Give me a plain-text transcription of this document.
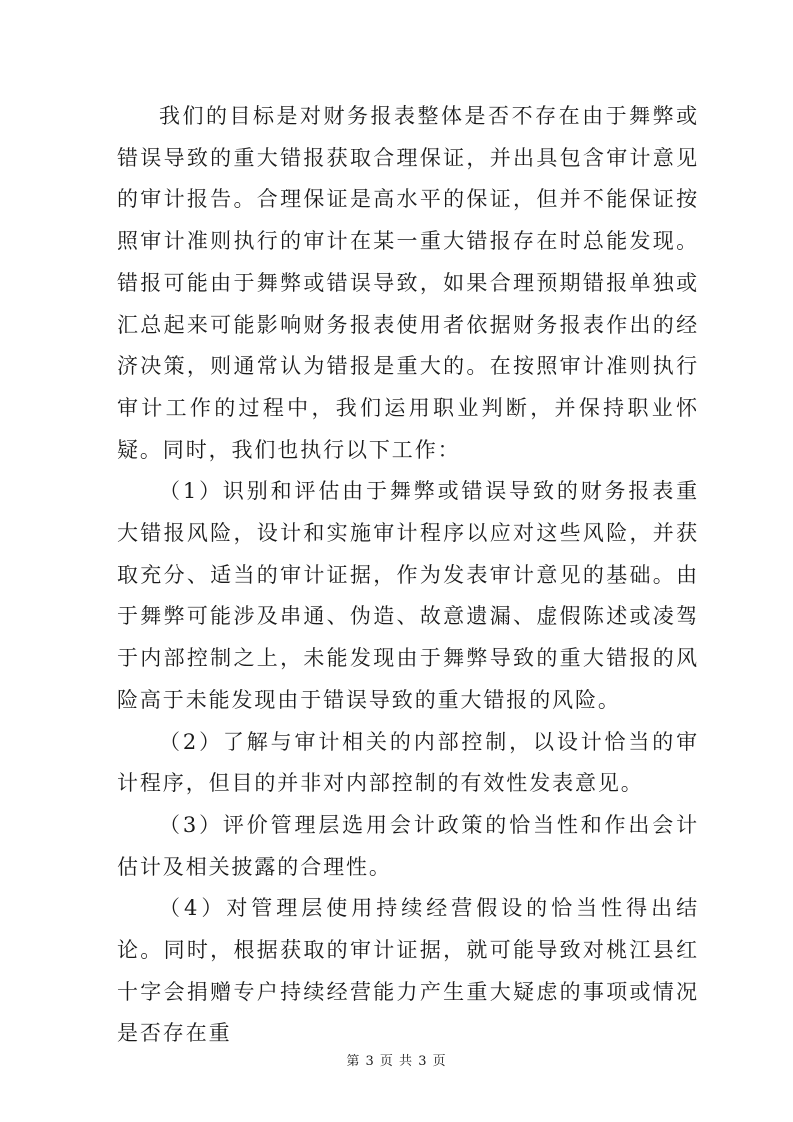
我们的目标是对财务报表整体是否不存在由于舞弊或错误导致的重大错报获取合理保证，并出具包含审计意见的审计报告。合理保证是高水平的保证，但并不能保证按照审计准则执行的审计在某一重大错报存在时总能发现。错报可能由于舞弊或错误导致，如果合理预期错报单独或汇总起来可能影响财务报表使用者依据财务报表作出的经济决策，则通常认为错报是重大的。在按照审计准则执行审计工作的过程中，我们运用职业判断，并保持职业怀疑。同时，我们也执行以下工作：

（1）识别和评估由于舞弊或错误导致的财务报表重大错报风险，设计和实施审计程序以应对这些风险，并获取充分、适当的审计证据，作为发表审计意见的基础。由于舞弊可能涉及串通、伪造、故意遗漏、虚假陈述或凌驾于内部控制之上，未能发现由于舞弊导致的重大错报的风险高于未能发现由于错误导致的重大错报的风险。

（2）了解与审计相关的内部控制，以设计恰当的审计程序，但目的并非对内部控制的有效性发表意见。

（3）评价管理层选用会计政策的恰当性和作出会计估计及相关披露的合理性。

（4）对管理层使用持续经营假设的恰当性得出结论。同时，根据获取的审计证据，就可能导致对桃江县红十字会捐赠专户持续经营能力产生重大疑虑的事项或情况是否存在重

第 3 页 共 3 页
